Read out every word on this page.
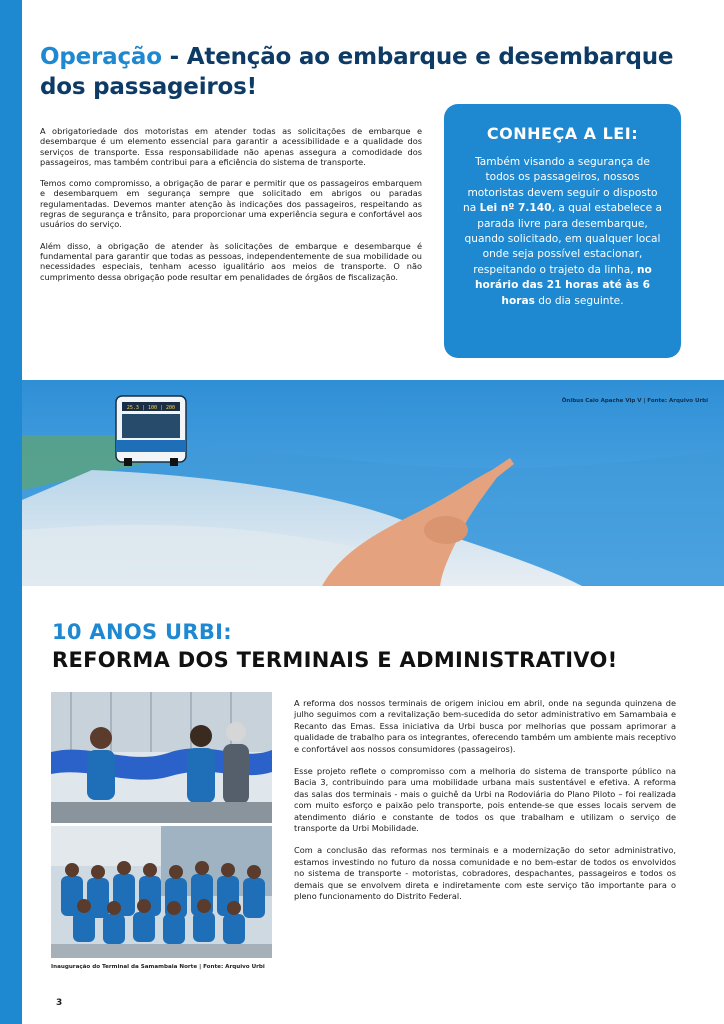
Operação - Atenção ao embarque e desembarque dos passageiros!

A obrigatoriedade dos motoristas em atender todas as solicitações de embarque e desembarque é um elemento essencial para garantir a acessibilidade e a qualidade dos serviços de transporte. Essa responsabilidade não apenas assegura a comodidade dos passageiros, mas também contribui para a eficiência do sistema de transporte.

Temos como compromisso, a obrigação de parar e permitir que os passageiros embarquem e desembarquem em segurança sempre que solicitado em abrigos ou paradas regulamentadas. Devemos manter atenção às indicações dos passageiros, respeitando as regras de segurança e trânsito, para proporcionar uma experiência segura e confortável aos usuários do serviço.

Além disso, a obrigação de atender às solicitações de embarque e desembarque é fundamental para garantir que todas as pessoas, independentemente de sua mobilidade ou necessidades especiais, tenham acesso igualitário aos meios de transporte. O não cumprimento dessa obrigação pode resultar em penalidades de órgãos de fiscalização.

CONHEÇA A LEI:

Também visando a segurança de todos os passageiros, nossos motoristas devem seguir o disposto na Lei nº 7.140, a qual estabelece a parada livre para desembarque, quando solicitado, em qualquer local onde seja possível estacionar, respeitando o trajeto da linha, no horário das 21 horas até às 6 horas do dia seguinte.

25.3 | 100 | 200
Ônibus Caio Apache Vip V | Fonte: Arquivo Urbi
10 ANOS URBI:
REFORMA DOS TERMINAIS E ADMINISTRATIVO!
Inauguração do Terminal da Samambaia Norte | Fonte: Arquivo Urbi

A reforma dos nossos terminais de origem iniciou em abril, onde na segunda quinzena de julho seguimos com a revitalização bem-sucedida do setor administrativo em Samambaia e Recanto das Emas. Essa iniciativa da Urbi busca por melhorias que possam aprimorar a qualidade de trabalho para os integrantes, oferecendo também um ambiente mais receptivo e confortável aos nossos consumidores (passageiros).

Esse projeto reflete o compromisso com a melhoria do sistema de transporte público na Bacia 3, contribuindo para uma mobilidade urbana mais sustentável e efetiva. A reforma das salas dos terminais - mais o guichê da Urbi na Rodoviária do Plano Piloto – foi realizada com muito esforço e paixão pelo transporte, pois entende-se que esses locais servem de atendimento diário e constante de todos os que trabalham e utilizam o serviço de transporte da Urbi Mobilidade.

Com a conclusão das reformas nos terminais e a modernização do setor administrativo, estamos investindo no futuro da nossa comunidade e no bem-estar de todos os envolvidos no sistema de transporte - motoristas, cobradores, despachantes, passageiros e todos os demais que se envolvem direta e indiretamente com este serviço tão importante para o pleno funcionamento do Distrito Federal.

3
